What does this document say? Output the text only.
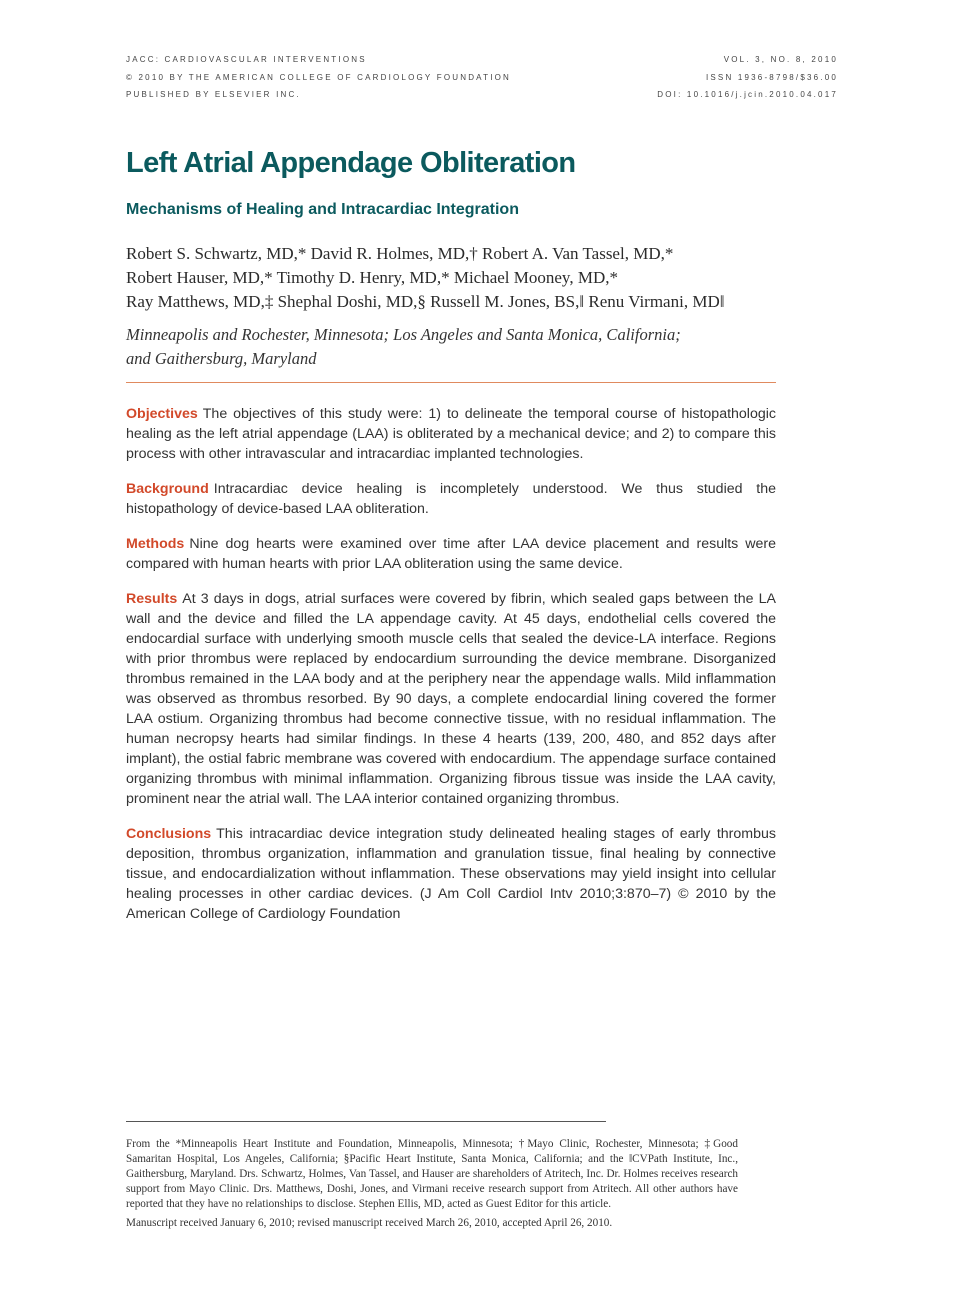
JACC: CARDIOVASCULAR INTERVENTIONS	VOL. 3, NO. 8, 2010
© 2010 BY THE AMERICAN COLLEGE OF CARDIOLOGY FOUNDATION	ISSN 1936-8798/$36.00
PUBLISHED BY ELSEVIER INC.	DOI: 10.1016/j.jcin.2010.04.017
Left Atrial Appendage Obliteration
Mechanisms of Healing and Intracardiac Integration
Robert S. Schwartz, MD,* David R. Holmes, MD,† Robert A. Van Tassel, MD,*
Robert Hauser, MD,* Timothy D. Henry, MD,* Michael Mooney, MD,*
Ray Matthews, MD,‡ Shephal Doshi, MD,§ Russell M. Jones, BS,‖ Renu Virmani, MD‖
Minneapolis and Rochester, Minnesota; Los Angeles and Santa Monica, California;
and Gaithersburg, Maryland

Objectives The objectives of this study were: 1) to delineate the temporal course of histopathologic healing as the left atrial appendage (LAA) is obliterated by a mechanical device; and 2) to compare this process with other intravascular and intracardiac implanted technologies.

Background Intracardiac device healing is incompletely understood. We thus studied the histopathology of device-based LAA obliteration.

Methods Nine dog hearts were examined over time after LAA device placement and results were compared with human hearts with prior LAA obliteration using the same device.

Results At 3 days in dogs, atrial surfaces were covered by fibrin, which sealed gaps between the LA wall and the device and filled the LA appendage cavity. At 45 days, endothelial cells covered the endocardial surface with underlying smooth muscle cells that sealed the device-LA interface. Regions with prior thrombus were replaced by endocardium surrounding the device membrane. Disorganized thrombus remained in the LAA body and at the periphery near the appendage walls. Mild inflammation was observed as thrombus resorbed. By 90 days, a complete endocardial lining covered the former LAA ostium. Organizing thrombus had become connective tissue, with no residual inflammation. The human necropsy hearts had similar findings. In these 4 hearts (139, 200, 480, and 852 days after implant), the ostial fabric membrane was covered with endocardium. The appendage surface contained organizing thrombus with minimal inflammation. Organizing fibrous tissue was inside the LAA cavity, prominent near the atrial wall. The LAA interior contained organizing thrombus.

Conclusions This intracardiac device integration study delineated healing stages of early thrombus deposition, thrombus organization, inflammation and granulation tissue, final healing by connective tissue, and endocardialization without inflammation. These observations may yield insight into cellular healing processes in other cardiac devices. (J Am Coll Cardiol Intv 2010;3:870–7) © 2010 by the American College of Cardiology Foundation

From the *Minneapolis Heart Institute and Foundation, Minneapolis, Minnesota; †Mayo Clinic, Rochester, Minnesota; ‡Good Samaritan Hospital, Los Angeles, California; §Pacific Heart Institute, Santa Monica, California; and the ‖CVPath Institute, Inc., Gaithersburg, Maryland. Drs. Schwartz, Holmes, Van Tassel, and Hauser are shareholders of Atritech, Inc. Dr. Holmes receives research support from Mayo Clinic. Drs. Matthews, Doshi, Jones, and Virmani receive research support from Atritech. All other authors have reported that they have no relationships to disclose. Stephen Ellis, MD, acted as Guest Editor for this article.

Manuscript received January 6, 2010; revised manuscript received March 26, 2010, accepted April 26, 2010.
